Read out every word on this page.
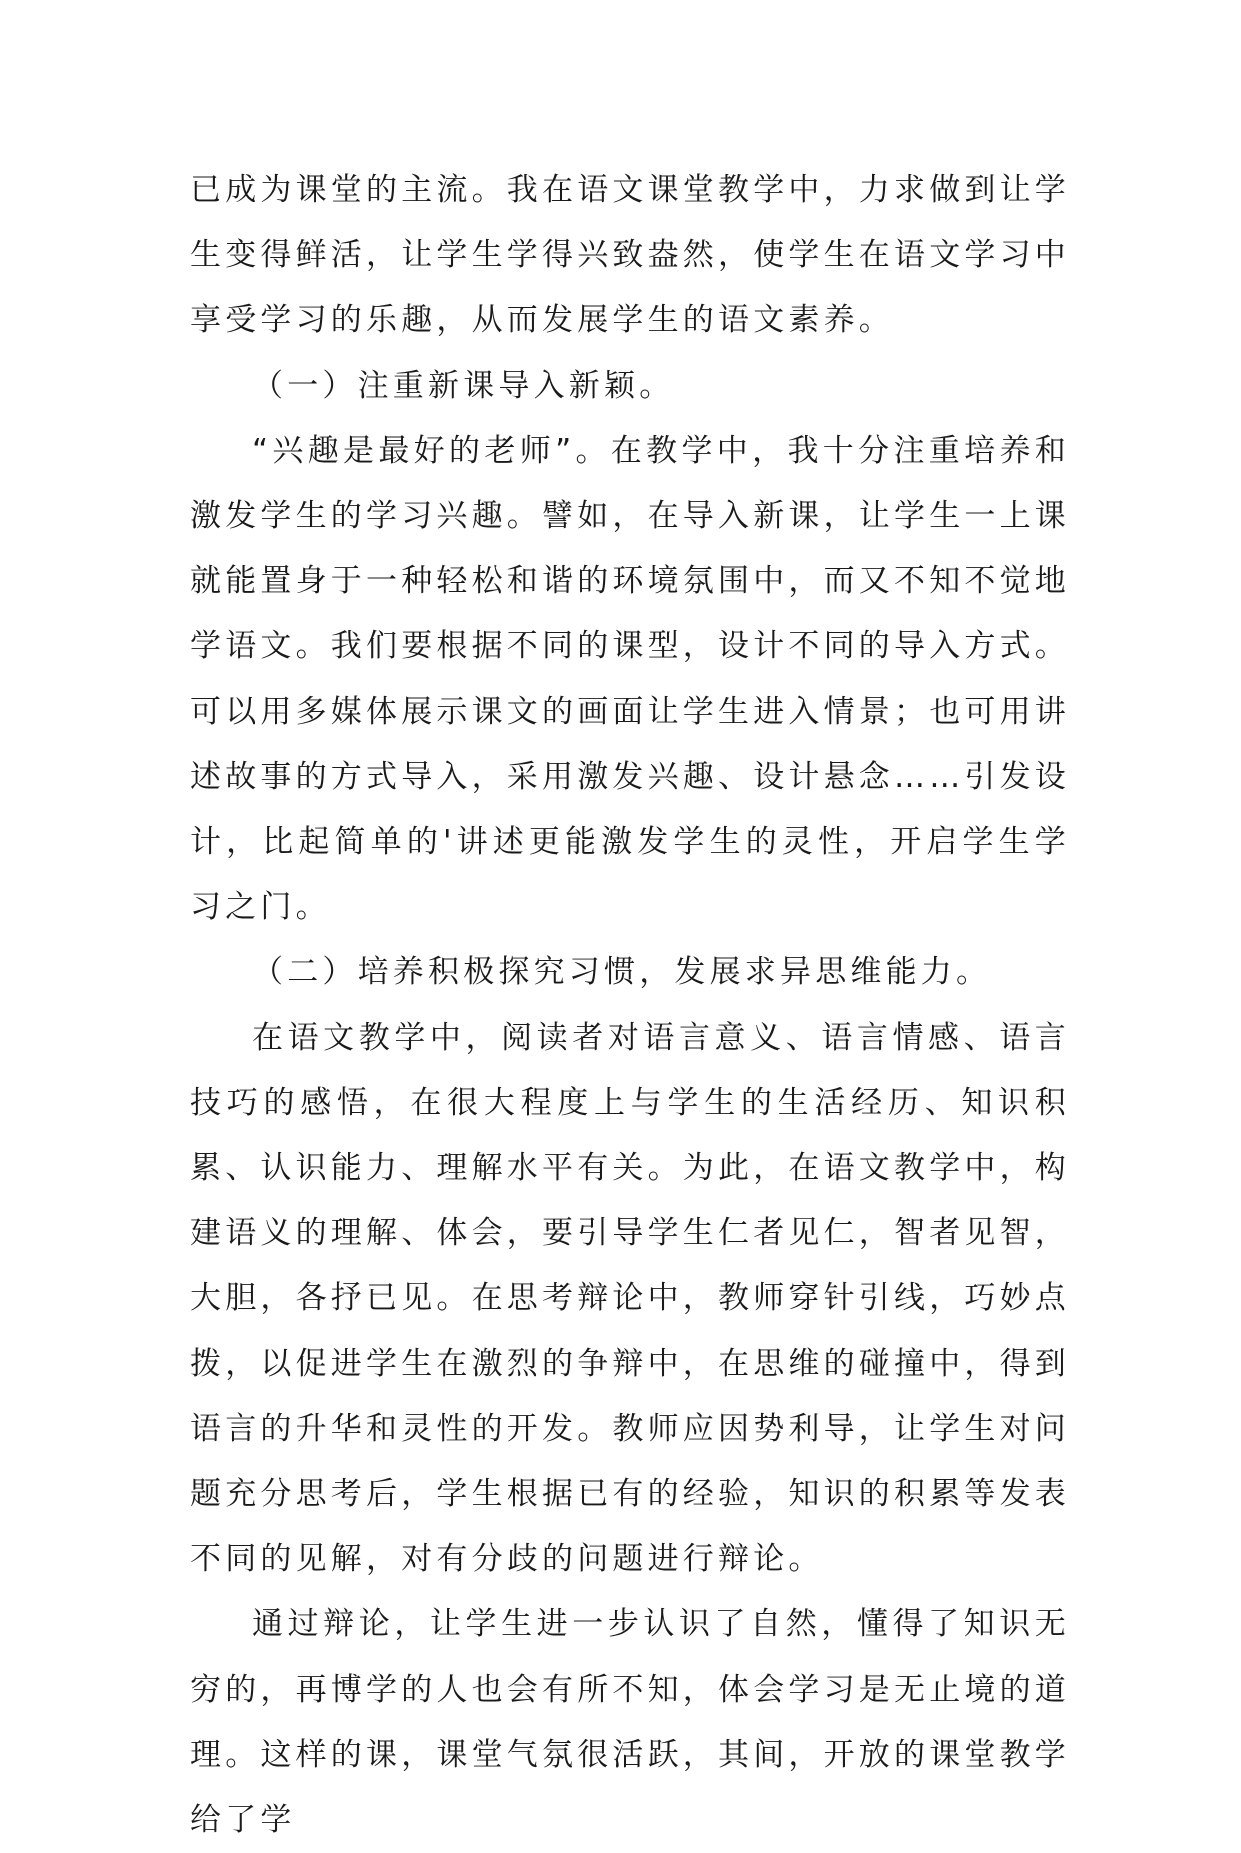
已成为课堂的主流。我在语文课堂教学中，力求做到让学生变得鲜活，让学生学得兴致盎然，使学生在语文学习中享受学习的乐趣，从而发展学生的语文素养。

（一）注重新课导入新颖。

“兴趣是最好的老师”。在教学中，我十分注重培养和激发学生的学习兴趣。譬如，在导入新课，让学生一上课就能置身于一种轻松和谐的环境氛围中，而又不知不觉地学语文。我们要根据不同的课型，设计不同的导入方式。可以用多媒体展示课文的画面让学生进入情景；也可用讲述故事的方式导入，采用激发兴趣、设计悬念……引发设计，比起简单的'讲述更能激发学生的灵性，开启学生学习之门。

（二）培养积极探究习惯，发展求异思维能力。

在语文教学中，阅读者对语言意义、语言情感、语言技巧的感悟，在很大程度上与学生的生活经历、知识积累、认识能力、理解水平有关。为此，在语文教学中，构建语义的理解、体会，要引导学生仁者见仁，智者见智，大胆，各抒已见。在思考辩论中，教师穿针引线，巧妙点拨，以促进学生在激烈的争辩中，在思维的碰撞中，得到语言的升华和灵性的开发。教师应因势利导，让学生对问题充分思考后，学生根据已有的经验，知识的积累等发表不同的见解，对有分歧的问题进行辩论。

通过辩论，让学生进一步认识了自然，懂得了知识无穷的，再博学的人也会有所不知，体会学习是无止境的道理。这样的课，课堂气氛很活跃，其间，开放的课堂教学给了学
